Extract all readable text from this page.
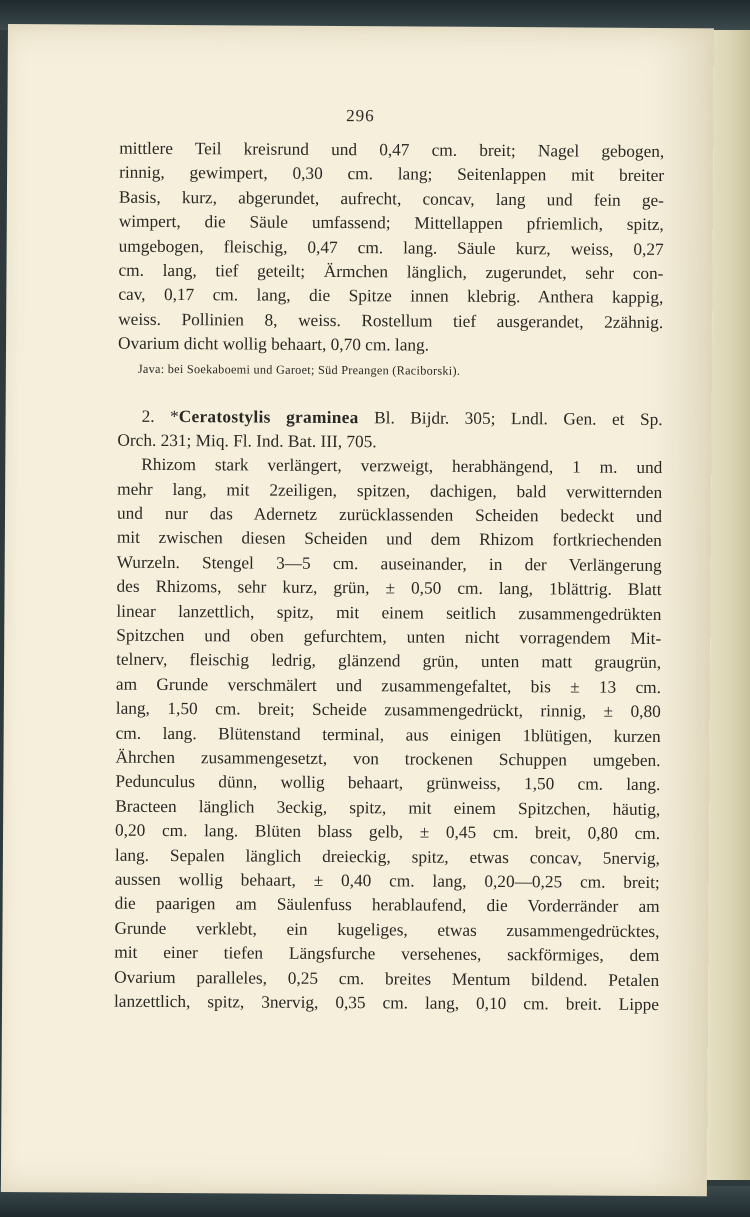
296
mittlere Teil kreisrund und 0,47 cm. breit; Nagel gebogen,
rinnig, gewimpert, 0,30 cm. lang; Seitenlappen mit breiter
Basis, kurz, abgerundet, aufrecht, concav, lang und fein ge-
wimpert, die Säule umfassend; Mittellappen pfriemlich, spitz,
umgebogen, fleischig, 0,47 cm. lang. Säule kurz, weiss, 0,27
cm. lang, tief geteilt; Ärmchen länglich, zugerundet, sehr con-
cav, 0,17 cm. lang, die Spitze innen klebrig. Anthera kappig,
weiss. Pollinien 8, weiss. Rostellum tief ausgerandet, 2zähnig.
Ovarium dicht wollig behaart, 0,70 cm. lang.
Java: bei Soekaboemi und Garoet; Süd Preangen (Raciborski).
2. *Ceratostylis graminea Bl. Bijdr. 305; Lndl. Gen. et Sp.
Orch. 231; Miq. Fl. Ind. Bat. III, 705.
Rhizom stark verlängert, verzweigt, herabhängend, 1 m. und
mehr lang, mit 2zeiligen, spitzen, dachigen, bald verwitternden
und nur das Adernetz zurücklassenden Scheiden bedeckt und
mit zwischen diesen Scheiden und dem Rhizom fortkriechenden
Wurzeln. Stengel 3—5 cm. auseinander, in der Verlängerung
des Rhizoms, sehr kurz, grün, ± 0,50 cm. lang, 1blättrig. Blatt
linear lanzettlich, spitz, mit einem seitlich zusammengedrükten
Spitzchen und oben gefurchtem, unten nicht vorragendem Mit-
telnerv, fleischig ledrig, glänzend grün, unten matt graugrün,
am Grunde verschmälert und zusammengefaltet, bis ± 13 cm.
lang, 1,50 cm. breit; Scheide zusammengedrückt, rinnig, ± 0,80
cm. lang. Blütenstand terminal, aus einigen 1blütigen, kurzen
Ährchen zusammengesetzt, von trockenen Schuppen umgeben.
Pedunculus dünn, wollig behaart, grünweiss, 1,50 cm. lang.
Bracteen länglich 3eckig, spitz, mit einem Spitzchen, häutig,
0,20 cm. lang. Blüten blass gelb, ± 0,45 cm. breit, 0,80 cm.
lang. Sepalen länglich dreieckig, spitz, etwas concav, 5nervig,
aussen wollig behaart, ± 0,40 cm. lang, 0,20—0,25 cm. breit;
die paarigen am Säulenfuss herablaufend, die Vorderränder am
Grunde verklebt, ein kugeliges, etwas zusammengedrücktes,
mit einer tiefen Längsfurche versehenes, sackförmiges, dem
Ovarium paralleles, 0,25 cm. breites Mentum bildend. Petalen
lanzettlich, spitz, 3nervig, 0,35 cm. lang, 0,10 cm. breit. Lippe
